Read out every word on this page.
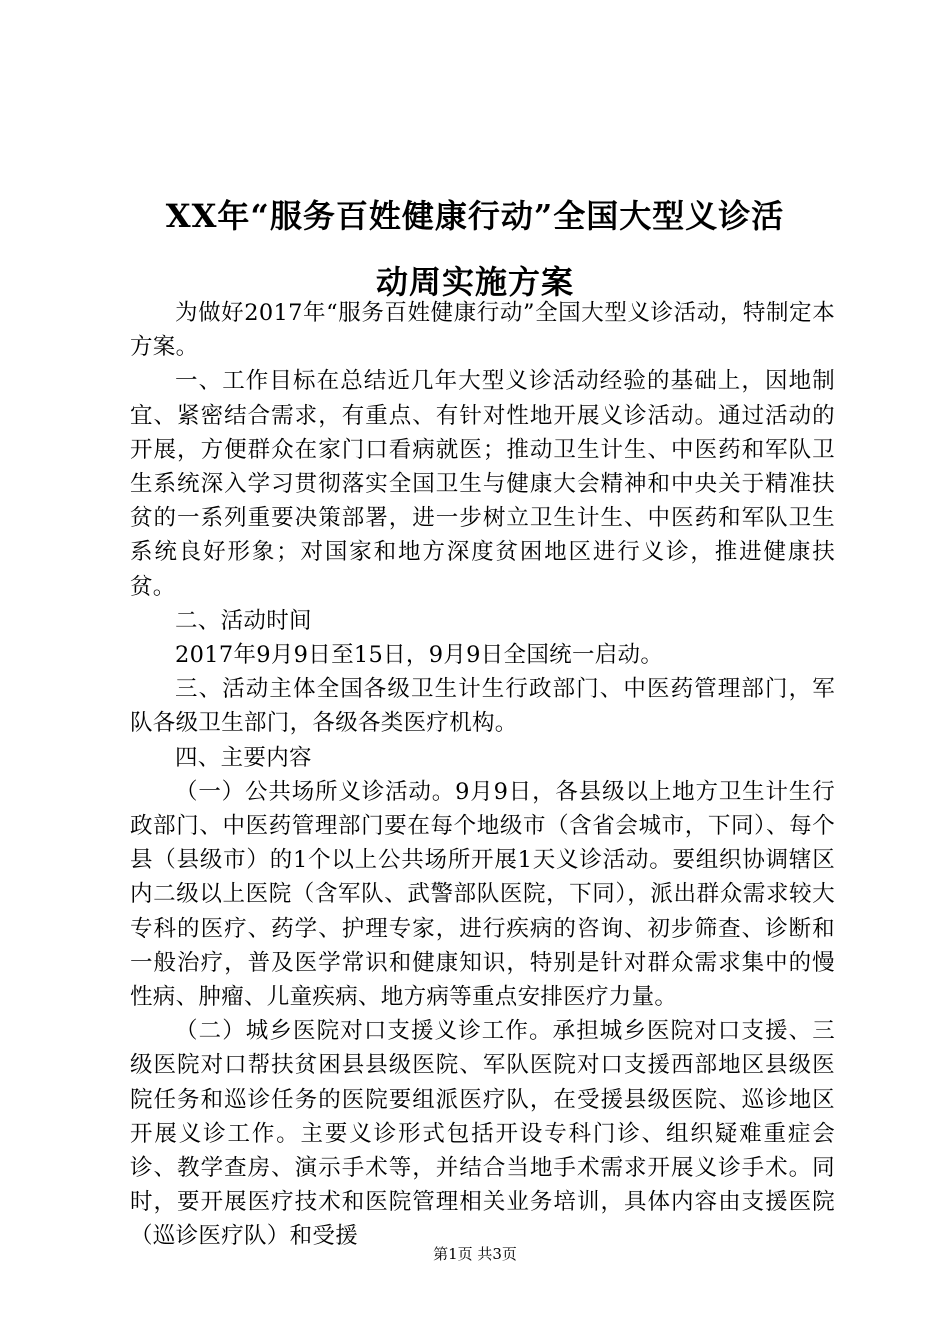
XX年“服务百姓健康行动”全国大型义诊活
动周实施方案

为做好2017年“服务百姓健康行动”全国大型义诊活动，特制定本方案。

一、工作目标在总结近几年大型义诊活动经验的基础上，因地制宜、紧密结合需求，有重点、有针对性地开展义诊活动。通过活动的开展，方便群众在家门口看病就医；推动卫生计生、中医药和军队卫生系统深入学习贯彻落实全国卫生与健康大会精神和中央关于精准扶贫的一系列重要决策部署，进一步树立卫生计生、中医药和军队卫生系统良好形象；对国家和地方深度贫困地区进行义诊，推进健康扶贫。

二、活动时间

2017年9月9日至15日，9月9日全国统一启动。

三、活动主体全国各级卫生计生行政部门、中医药管理部门，军队各级卫生部门，各级各类医疗机构。

四、主要内容

（一）公共场所义诊活动。9月9日，各县级以上地方卫生计生行政部门、中医药管理部门要在每个地级市（含省会城市，下同）、每个县（县级市）的1个以上公共场所开展1天义诊活动。要组织协调辖区内二级以上医院（含军队、武警部队医院，下同），派出群众需求较大专科的医疗、药学、护理专家，进行疾病的咨询、初步筛查、诊断和一般治疗，普及医学常识和健康知识，特别是针对群众需求集中的慢性病、肿瘤、儿童疾病、地方病等重点安排医疗力量。

（二）城乡医院对口支援义诊工作。承担城乡医院对口支援、三级医院对口帮扶贫困县县级医院、军队医院对口支援西部地区县级医院任务和巡诊任务的医院要组派医疗队，在受援县级医院、巡诊地区开展义诊工作。主要义诊形式包括开设专科门诊、组织疑难重症会诊、教学查房、演示手术等，并结合当地手术需求开展义诊手术。同时，要开展医疗技术和医院管理相关业务培训，具体内容由支援医院（巡诊医疗队）和受援

第1页 共3页
